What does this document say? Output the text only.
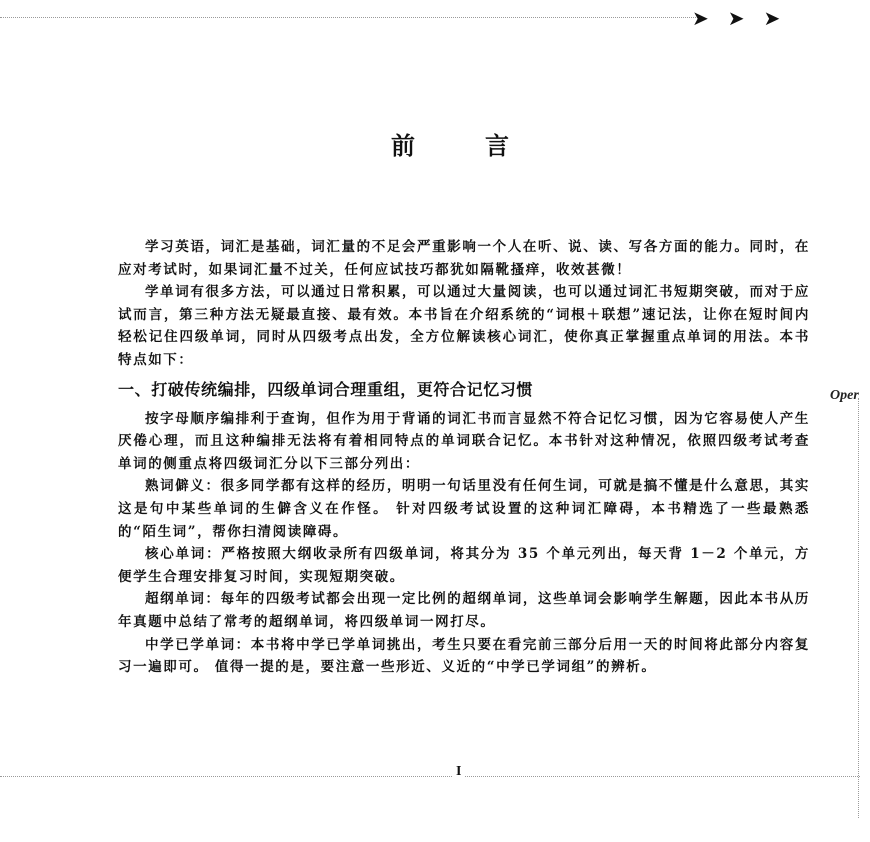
➤ ➤ ➤
Oper
前言

学习英语，词汇是基础，词汇量的不足会严重影响一个人在听、说、读、写各方面的能力。同时，在应对考试时，如果词汇量不过关，任何应试技巧都犹如隔靴搔痒，收效甚微！

学单词有很多方法，可以通过日常积累，可以通过大量阅读，也可以通过词汇书短期突破，而对于应试而言，第三种方法无疑最直接、最有效。本书旨在介绍系统的“词根＋联想”速记法，让你在短时间内轻松记住四级单词，同时从四级考点出发，全方位解读核心词汇，使你真正掌握重点单词的用法。本书特点如下：

一、打破传统编排，四级单词合理重组，更符合记忆习惯

按字母顺序编排利于查询，但作为用于背诵的词汇书而言显然不符合记忆习惯，因为它容易使人产生厌倦心理，而且这种编排无法将有着相同特点的单词联合记忆。本书针对这种情况，依照四级考试考查单词的侧重点将四级词汇分以下三部分列出：

熟词僻义：很多同学都有这样的经历，明明一句话里没有任何生词，可就是搞不懂是什么意思，其实这是句中某些单词的生僻含义在作怪。 针对四级考试设置的这种词汇障碍，本书精选了一些最熟悉的“陌生词”，帮你扫清阅读障碍。

核心单词：严格按照大纲收录所有四级单词，将其分为 35 个单元列出，每天背 1－2 个单元，方便学生合理安排复习时间，实现短期突破。

超纲单词：每年的四级考试都会出现一定比例的超纲单词，这些单词会影响学生解题，因此本书从历年真题中总结了常考的超纲单词，将四级单词一网打尽。

中学已学单词：本书将中学已学单词挑出，考生只要在看完前三部分后用一天的时间将此部分内容复习一遍即可。 值得一提的是，要注意一些形近、义近的“中学已学词组”的辨析。

I
